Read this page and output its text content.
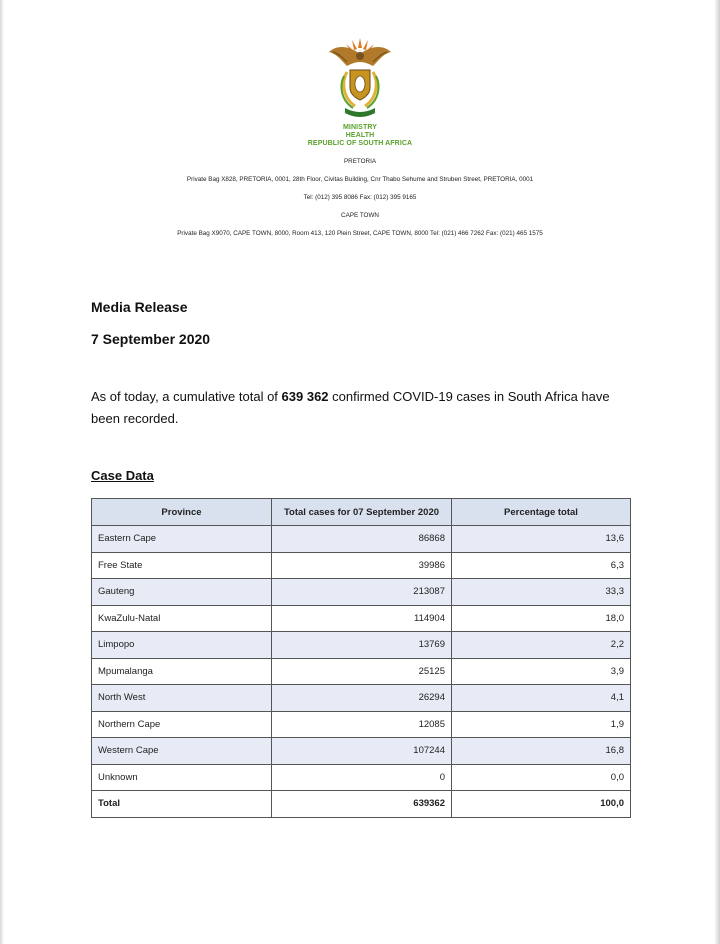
MINISTRY
HEALTH
REPUBLIC OF SOUTH AFRICA
PRETORIA
Private Bag X828, PRETORIA, 0001, 28th Floor, Civitas Building, Cnr Thabo Sehume and Struben Street, PRETORIA, 0001
Tel: (012) 395 8086 Fax: (012) 395 9165
CAPE TOWN
Private Bag X9070, CAPE TOWN, 8000, Room 413, 120 Plein Street, CAPE TOWN, 8000 Tel: (021) 466 7262 Fax: (021) 465 1575
Media Release
7 September 2020
As of today, a cumulative total of 639 362 confirmed COVID-19 cases in South Africa have been recorded.
Case Data
Province	Total cases for 07 September 2020	Percentage total
Eastern Cape	86868	13,6
Free State	39986	6,3
Gauteng	213087	33,3
KwaZulu-Natal	114904	18,0
Limpopo	13769	2,2
Mpumalanga	25125	3,9
North West	26294	4,1
Northern Cape	12085	1,9
Western Cape	107244	16,8
Unknown	0	0,0
Total	639362	100,0
